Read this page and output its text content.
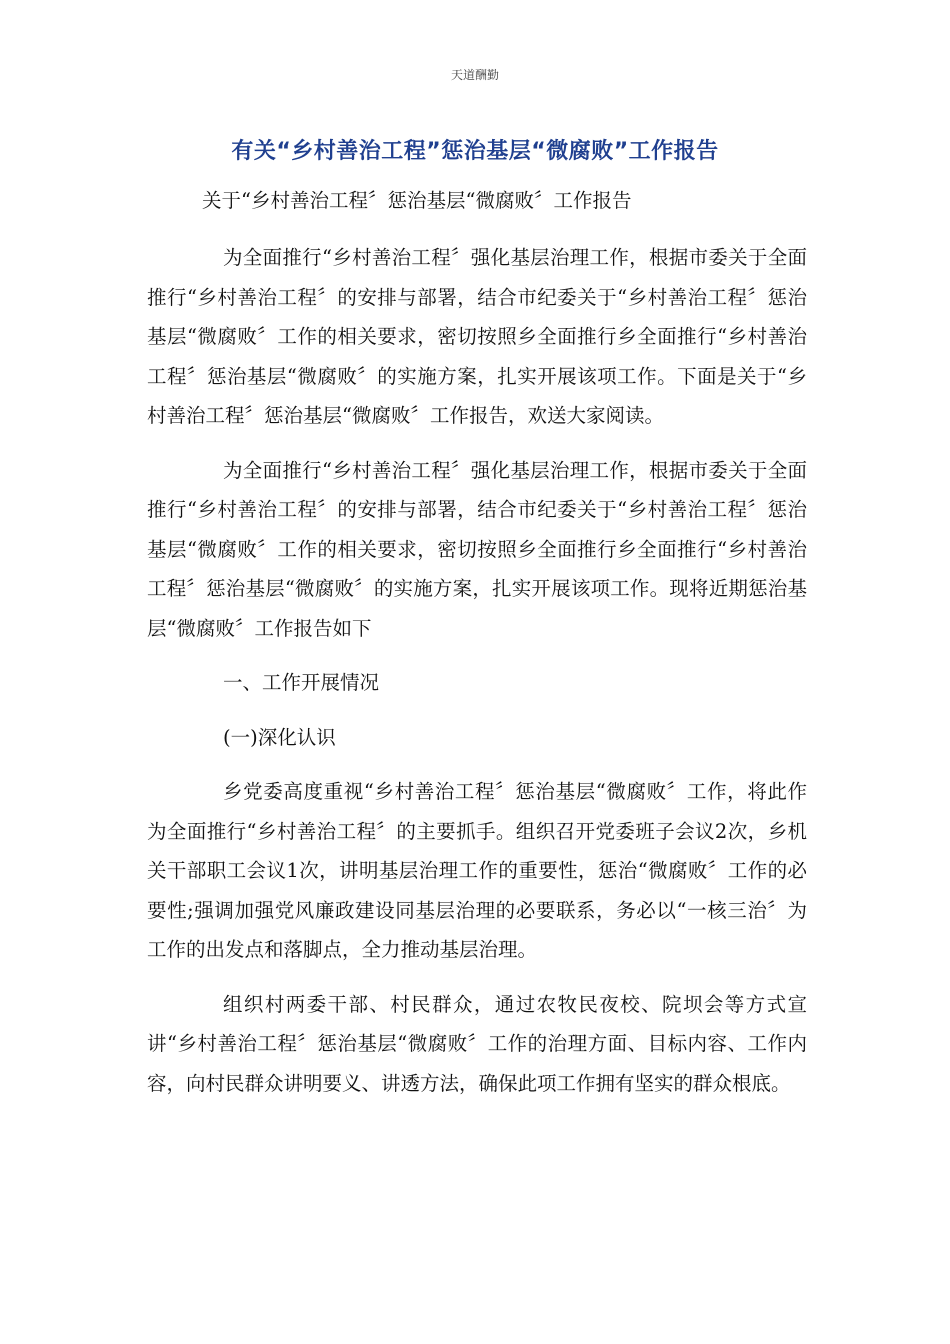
天道酬勤
有关“乡村善治工程”惩治基层“微腐败”工作报告
关于“乡村善治工程〞惩治基层“微腐败〞工作报告

为全面推行“乡村善治工程〞强化基层治理工作，根据市委关于全面推行“乡村善治工程〞的安排与部署，结合市纪委关于“乡村善治工程〞惩治基层“微腐败〞工作的相关要求，密切按照乡全面推行乡全面推行“乡村善治工程〞惩治基层“微腐败〞的实施方案，扎实开展该项工作。下面是关于“乡村善治工程〞惩治基层“微腐败〞工作报告，欢送大家阅读。

为全面推行“乡村善治工程〞强化基层治理工作，根据市委关于全面推行“乡村善治工程〞的安排与部署，结合市纪委关于“乡村善治工程〞惩治基层“微腐败〞工作的相关要求，密切按照乡全面推行乡全面推行“乡村善治工程〞惩治基层“微腐败〞的实施方案，扎实开展该项工作。现将近期惩治基层“微腐败〞工作报告如下

一、工作开展情况

(一)深化认识

乡党委高度重视“乡村善治工程〞惩治基层“微腐败〞工作，将此作为全面推行“乡村善治工程〞的主要抓手。组织召开党委班子会议2次，乡机关干部职工会议1次，讲明基层治理工作的重要性，惩治“微腐败〞工作的必要性;强调加强党风廉政建设同基层治理的必要联系，务必以“一核三治〞为工作的出发点和落脚点，全力推动基层治理。

组织村两委干部、村民群众，通过农牧民夜校、院坝会等方式宣讲“乡村善治工程〞惩治基层“微腐败〞工作的治理方面、目标内容、工作内容，向村民群众讲明要义、讲透方法，确保此项工作拥有坚实的群众根底。
